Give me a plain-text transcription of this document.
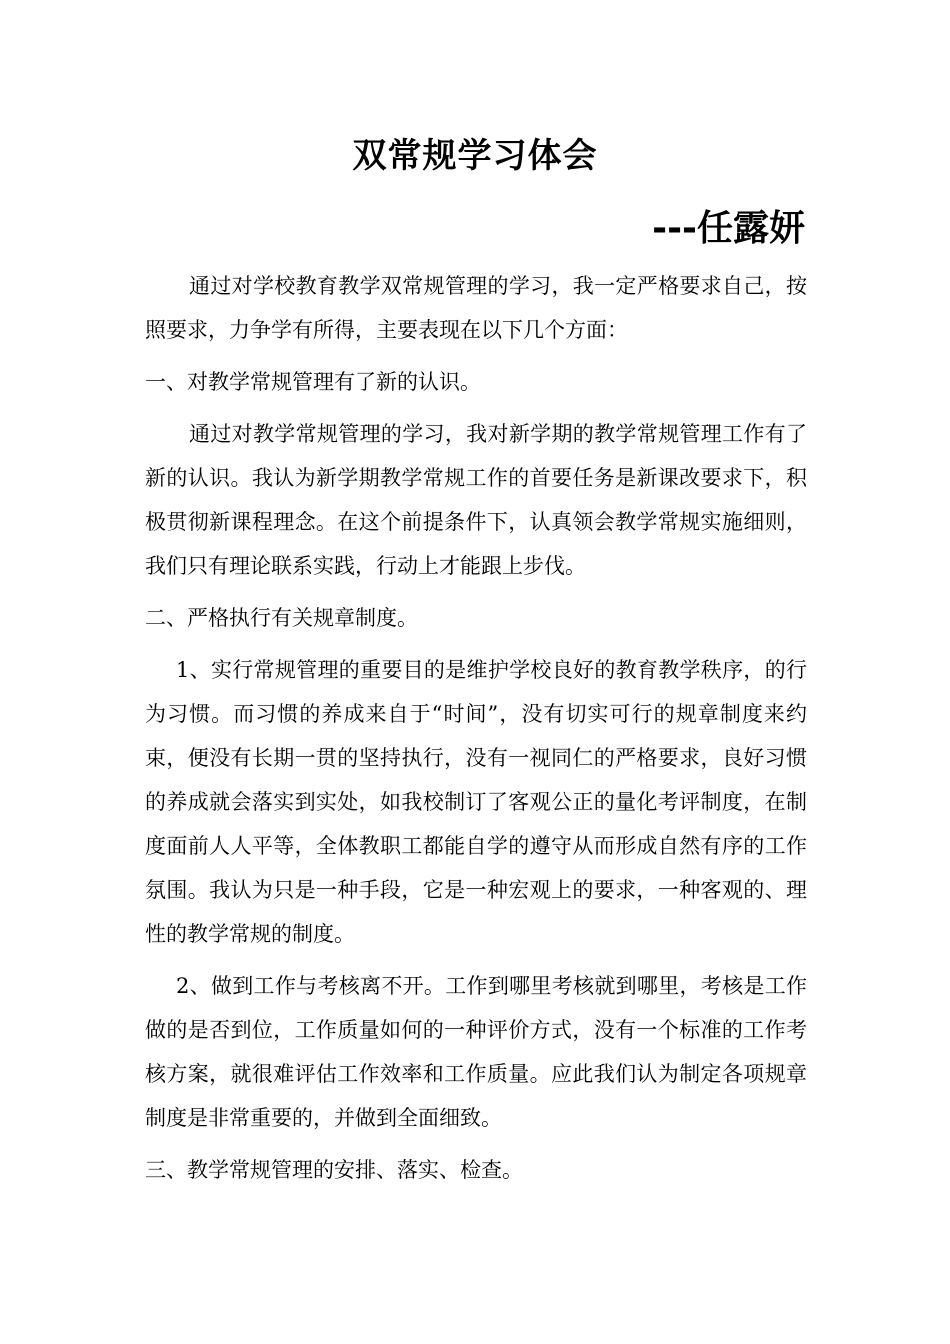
双常规学习体会
---任露妍

通过对学校教育教学双常规管理的学习，我一定严格要求自己，按照要求，力争学有所得，主要表现在以下几个方面：

一、对教学常规管理有了新的认识。

通过对教学常规管理的学习，我对新学期的教学常规管理工作有了新的认识。我认为新学期教学常规工作的首要任务是新课改要求下，积极贯彻新课程理念。在这个前提条件下，认真领会教学常规实施细则，我们只有理论联系实践，行动上才能跟上步伐。

二、严格执行有关规章制度。

1、实行常规管理的重要目的是维护学校良好的教育教学秩序，的行为习惯。而习惯的养成来自于“时间”，没有切实可行的规章制度来约束，便没有长期一贯的坚持执行，没有一视同仁的严格要求，良好习惯的养成就会落实到实处，如我校制订了客观公正的量化考评制度，在制度面前人人平等，全体教职工都能自学的遵守从而形成自然有序的工作氛围。我认为只是一种手段，它是一种宏观上的要求，一种客观的、理性的教学常规的制度。

2、做到工作与考核离不开。工作到哪里考核就到哪里，考核是工作做的是否到位，工作质量如何的一种评价方式，没有一个标准的工作考核方案，就很难评估工作效率和工作质量。应此我们认为制定各项规章制度是非常重要的，并做到全面细致。

三、教学常规管理的安排、落实、检查。
